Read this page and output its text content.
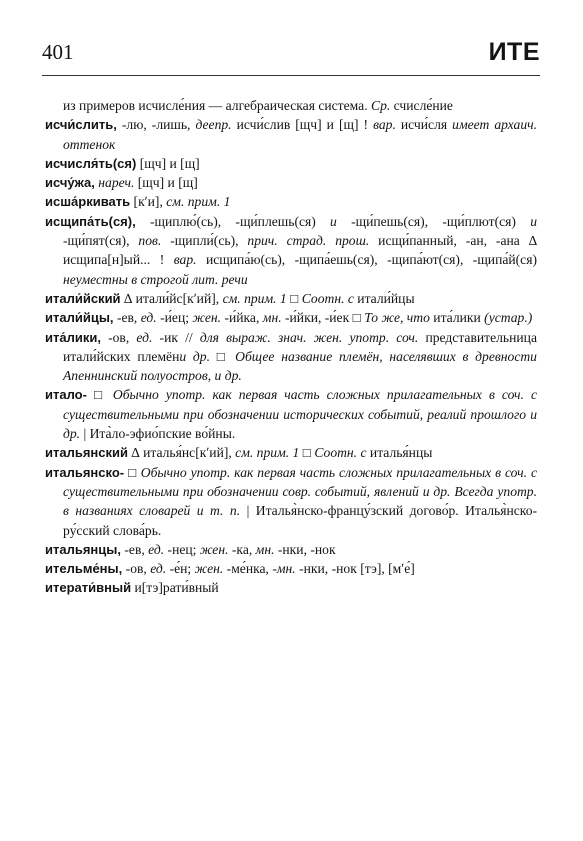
401	ИТЕ

из примеров исчисле́ния — алгебраическая система. Ср. счисле́ние

исчи́слить, -лю, -лишь, деепр. исчи́слив [щч] и [щ] ! вар. исчи́сля имеет архаич. оттенок

исчисля́ть(ся) [щч] и [щ]

исчу́жа, нареч. [щч] и [щ]

исша́ркивать [кʹи], см. прим. 1

исщипа́ть(ся), -щиплю́(сь), -щи́плешь(ся) и -щи́пешь(ся), -щи́плют(ся) и -щи́пят(ся), пов. -щипли́(сь), прич. страд. прош. исщи́панный, -ан, -ана ∆ исщипа[н]ый... ! вар. исщипа́ю(сь), -щипа́ешь(ся), -щипа́ют(ся), -щипа́й(ся) неуместны в строгой лит. речи

итали́йский ∆ итали́йс[кʹий], см. прим. 1 □ Соотн. с итали́йцы

итали́йцы, -ев, ед. -и́ец; жен. -и́йка, мн. -и́йки, -и́ек □ То же, что ита́лики (устар.)

ита́лики, -ов, ед. -ик // для выраж. знач. жен. употр. соч. представительница итали́йских племёни др. □ Общее название племён, населявших в древности Апеннинский полуостров, и др.

итало- □ Обычно употр. как первая часть сложных прилагательных в соч. с существительными при обозначении исторических событий, реалий прошлого и др. | Ита̀ло-эфио́пские во́йны.

итальянский ∆ италья́нс[кʹий], см. прим. 1 □ Соотн. с италья́нцы

итальянско- □ Обычно употр. как первая часть сложных прилагательных в соч. с существительными при обозначении совр. событий, явлений и др. Всегда употр. в названиях словарей и т. п. | Италья̀нско-францу́зский догово́р. Италья̀нско-ру́сский слова́рь.

итальянцы, -ев, ед. -нец; жен. -ка, мн. -нки, -нок

ительме́ны, -ов, ед. -е́н; жен. -ме́нка, -мн. -нки, -нок [тэ], [мʹе́]

итерати́вный и[тэ]рати́вный
